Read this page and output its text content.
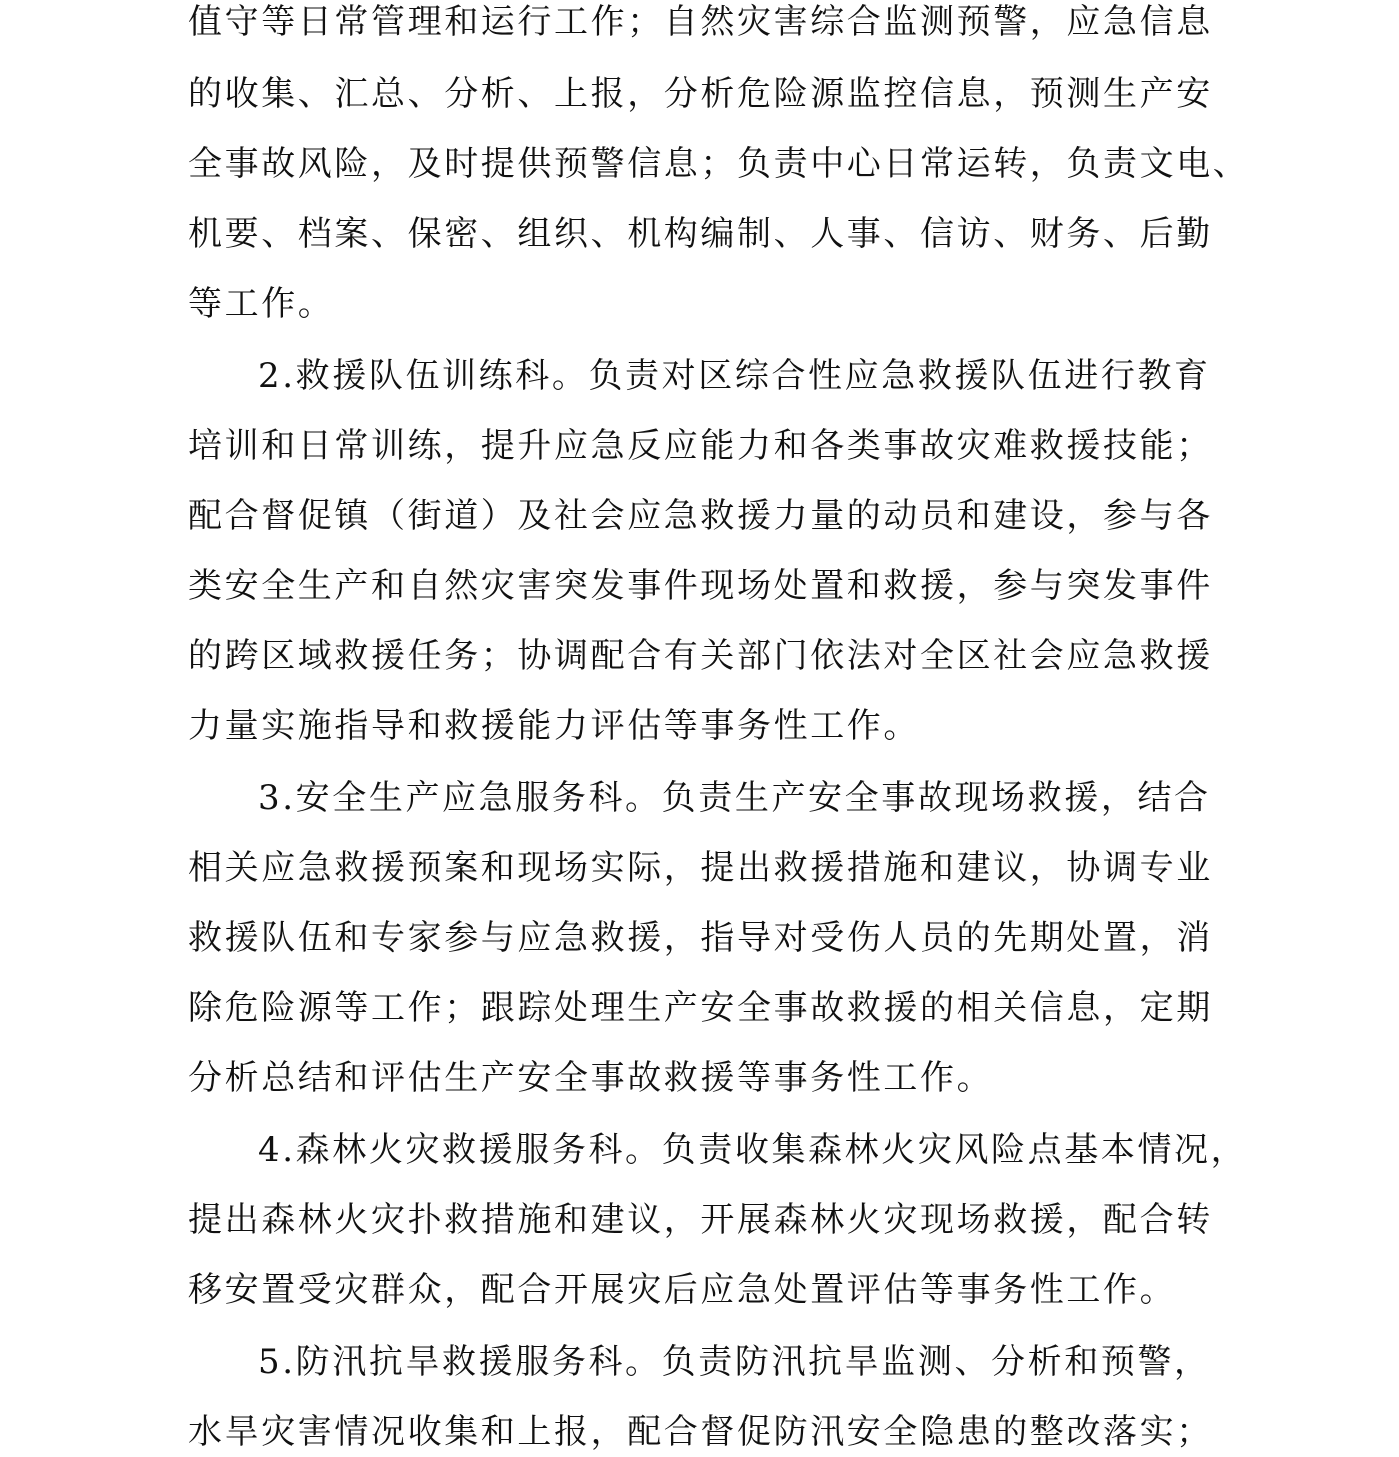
值守等日常管理和运行工作；自然灾害综合监测预警，应急信息
的收集、汇总、分析、上报，分析危险源监控信息，预测生产安
全事故风险，及时提供预警信息；负责中心日常运转，负责文电、
机要、档案、保密、组织、机构编制、人事、信访、财务、后勤
等工作。
2.救援队伍训练科。负责对区综合性应急救援队伍进行教育
培训和日常训练，提升应急反应能力和各类事故灾难救援技能；
配合督促镇（街道）及社会应急救援力量的动员和建设，参与各
类安全生产和自然灾害突发事件现场处置和救援，参与突发事件
的跨区域救援任务；协调配合有关部门依法对全区社会应急救援
力量实施指导和救援能力评估等事务性工作。
3.安全生产应急服务科。负责生产安全事故现场救援，结合
相关应急救援预案和现场实际，提出救援措施和建议，协调专业
救援队伍和专家参与应急救援，指导对受伤人员的先期处置，消
除危险源等工作；跟踪处理生产安全事故救援的相关信息，定期
分析总结和评估生产安全事故救援等事务性工作。
4.森林火灾救援服务科。负责收集森林火灾风险点基本情况，
提出森林火灾扑救措施和建议，开展森林火灾现场救援，配合转
移安置受灾群众，配合开展灾后应急处置评估等事务性工作。
5.防汛抗旱救援服务科。负责防汛抗旱监测、分析和预警，
水旱灾害情况收集和上报，配合督促防汛安全隐患的整改落实；
